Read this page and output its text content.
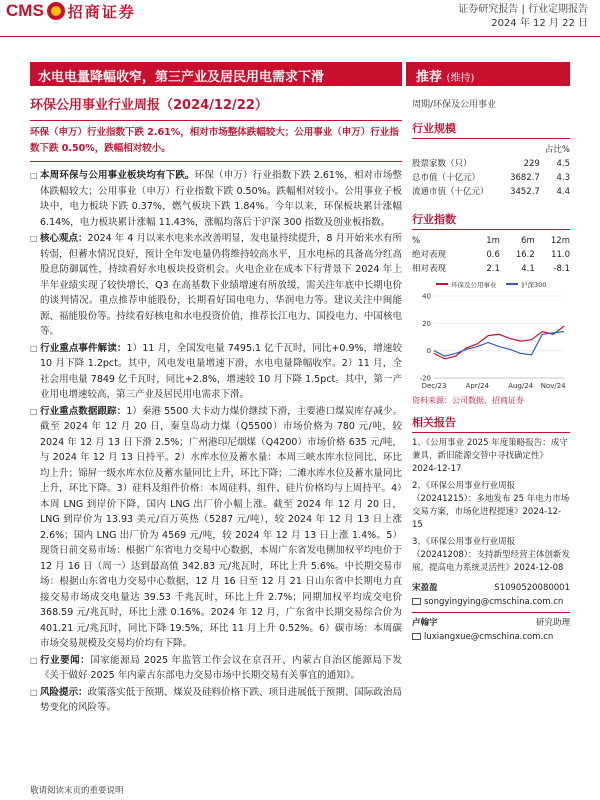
CMS 招商证券	证券研究报告 | 行业定期报告
2024 年 12 月 22 日
水电电量降幅收窄，第三产业及居民用电需求下滑	推荐 (维持)
环保公用事业行业周报（2024/12/22）	周期/环保及公用事业
环保（申万）行业指数下跌 2.61%，相对市场整体跌幅较大；公用事业（申万）行业指数下跌 0.50%，跌幅相对较小。
□ 本周环保与公用事业板块均有下跌。环保（申万）行业指数下跌 2.61%，相对市场整体跌幅较大；公用事业（申万）行业指数下跌 0.50%。跌幅相对较小。公用事业子板块中，电力板块下跌 0.37%，燃气板块下跌 1.84%。今年以来，环保板块累计涨幅 6.14%，电力板块累计涨幅 11.43%，涨幅均落后于沪深 300 指数及创业板指数。
□ 核心观点：2024 年 4 月以来水电来水改善明显，发电量持续提升，8 月开始来水有所转弱，但蓄水情况良好，预计全年发电量仍将维持较高水平，且水电标的具备高分红高股息防御属性，持续看好水电板块投资机会。火电企业在成本下行背景下 2024 年上半年业绩实现了较快增长，Q3 在高基数下业绩增速有所放缓，需关注年底中长期电价的谈判情况。重点推荐申能股份，长期看好国电电力、华润电力等。建议关注中闽能源、福能股份等。持续看好核电和水电投资价值，推荐长江电力、国投电力、中国核电等。
□ 行业重点事件解读：1）11 月，全国发电量 7495.1 亿千瓦时，同比+0.9%，增速较 10 月下降 1.2pct。其中，风电发电量增速下滑，水电电量降幅收窄。2）11 月，全社会用电量 7849 亿千瓦时，同比+2.8%，增速较 10 月下降 1.5pct。其中，第一产业用电增速较高，第三产业及居民用电需求下滑。
□ 行业重点数据跟踪：1）秦港 5500 大卡动力煤价继续下滑，主要港口煤炭库存减少。截至 2024 年 12 月 20 日，秦皇岛动力煤（Q5500）市场价格为 780 元/吨，较 2024 年 12 月 13 日下滑 2.5%；广州港印尼烟煤（Q4200）市场价格 635 元/吨，与 2024 年 12 月 13 日持平。2）水库水位及蓄水量：本周三峡水库水位同比、环比均上升；锦屏一级水库水位及蓄水量同比上升，环比下降；二滩水库水位及蓄水量同比上升，环比下降。3）硅料及组件价格：本周硅料、组件、硅片价格均与上周持平。4）本周 LNG 到岸价下降，国内 LNG 出厂价小幅上涨。截至 2024 年 12 月 20 日，LNG 到岸价为 13.93 美元/百万英热（5287 元/吨），较 2024 年 12 月 13 日上涨 2.6%；国内 LNG 出厂价为 4569 元/吨，较 2024 年 12 月 13 日上涨 1.4%。5）现货日前交易市场：根据广东省电力交易中心数据，本周广东省发电侧加权平均电价于 12 月 16 日（周一）达到最高值 342.83 元/兆瓦时，环比上升 5.6%。中长期交易市场：根据山东省电力交易中心数据，12 月 16 日至 12 月 21 日山东省中长期电力直接交易市场成交电量达 39.53 千兆瓦时，环比上升 2.7%；同期加权平均成交电价 368.59 元/兆瓦时，环比上涨 0.16%。2024 年 12 月，广东省中长期交易综合价为 401.21 元/兆瓦时，同比下降 19.5%，环比 11 月上升 0.52%。6）碳市场：本周碳市场交易规模及交易均价均有下降。
□ 行业要闻：国家能源局 2025 年监管工作会议在京召开、内蒙古自治区能源局下发《关于做好 2025 年内蒙古东部电力交易市场中长期交易有关事宜的通知》。
□ 风险提示：政策落实低于预期、煤炭及硅料价格下跌、项目进展低于预期、国际政治局势变化的风险等。
行业规模
		占比%
股票家数（只）	229	4.5
总市值（十亿元）	3682.7	4.3
流通市值（十亿元）	3452.7	4.4
行业指数
%	1m	6m	12m
绝对表现	0.6	16.2	11.0
相对表现	2.1	4.1	-8.1
环保及公用事业	沪深300
40
20
0
-20
Dec/23	Apr/24	Aug/24 Nov/24
资料来源：公司数据、招商证券
相关报告
1、《公用事业 2025 年度策略报告：成守兼具，新旧能源交替中寻找确定性》2024-12-17
2、《环保公用事业行业周报（20241215）：多地发布 25 年电力市场交易方案，市场化进程提速》2024-12-15
3、《环保公用事业行业周报（20241208）：支持新型经营主体创新发展，提高电力系统灵活性》2024-12-08
宋盈盈	S1090520080001
songyingying@cmschina.com.cn
卢翰宇	研究助理
luxiangxue@cmschina.com.cn
敬请阅读末页的重要说明
